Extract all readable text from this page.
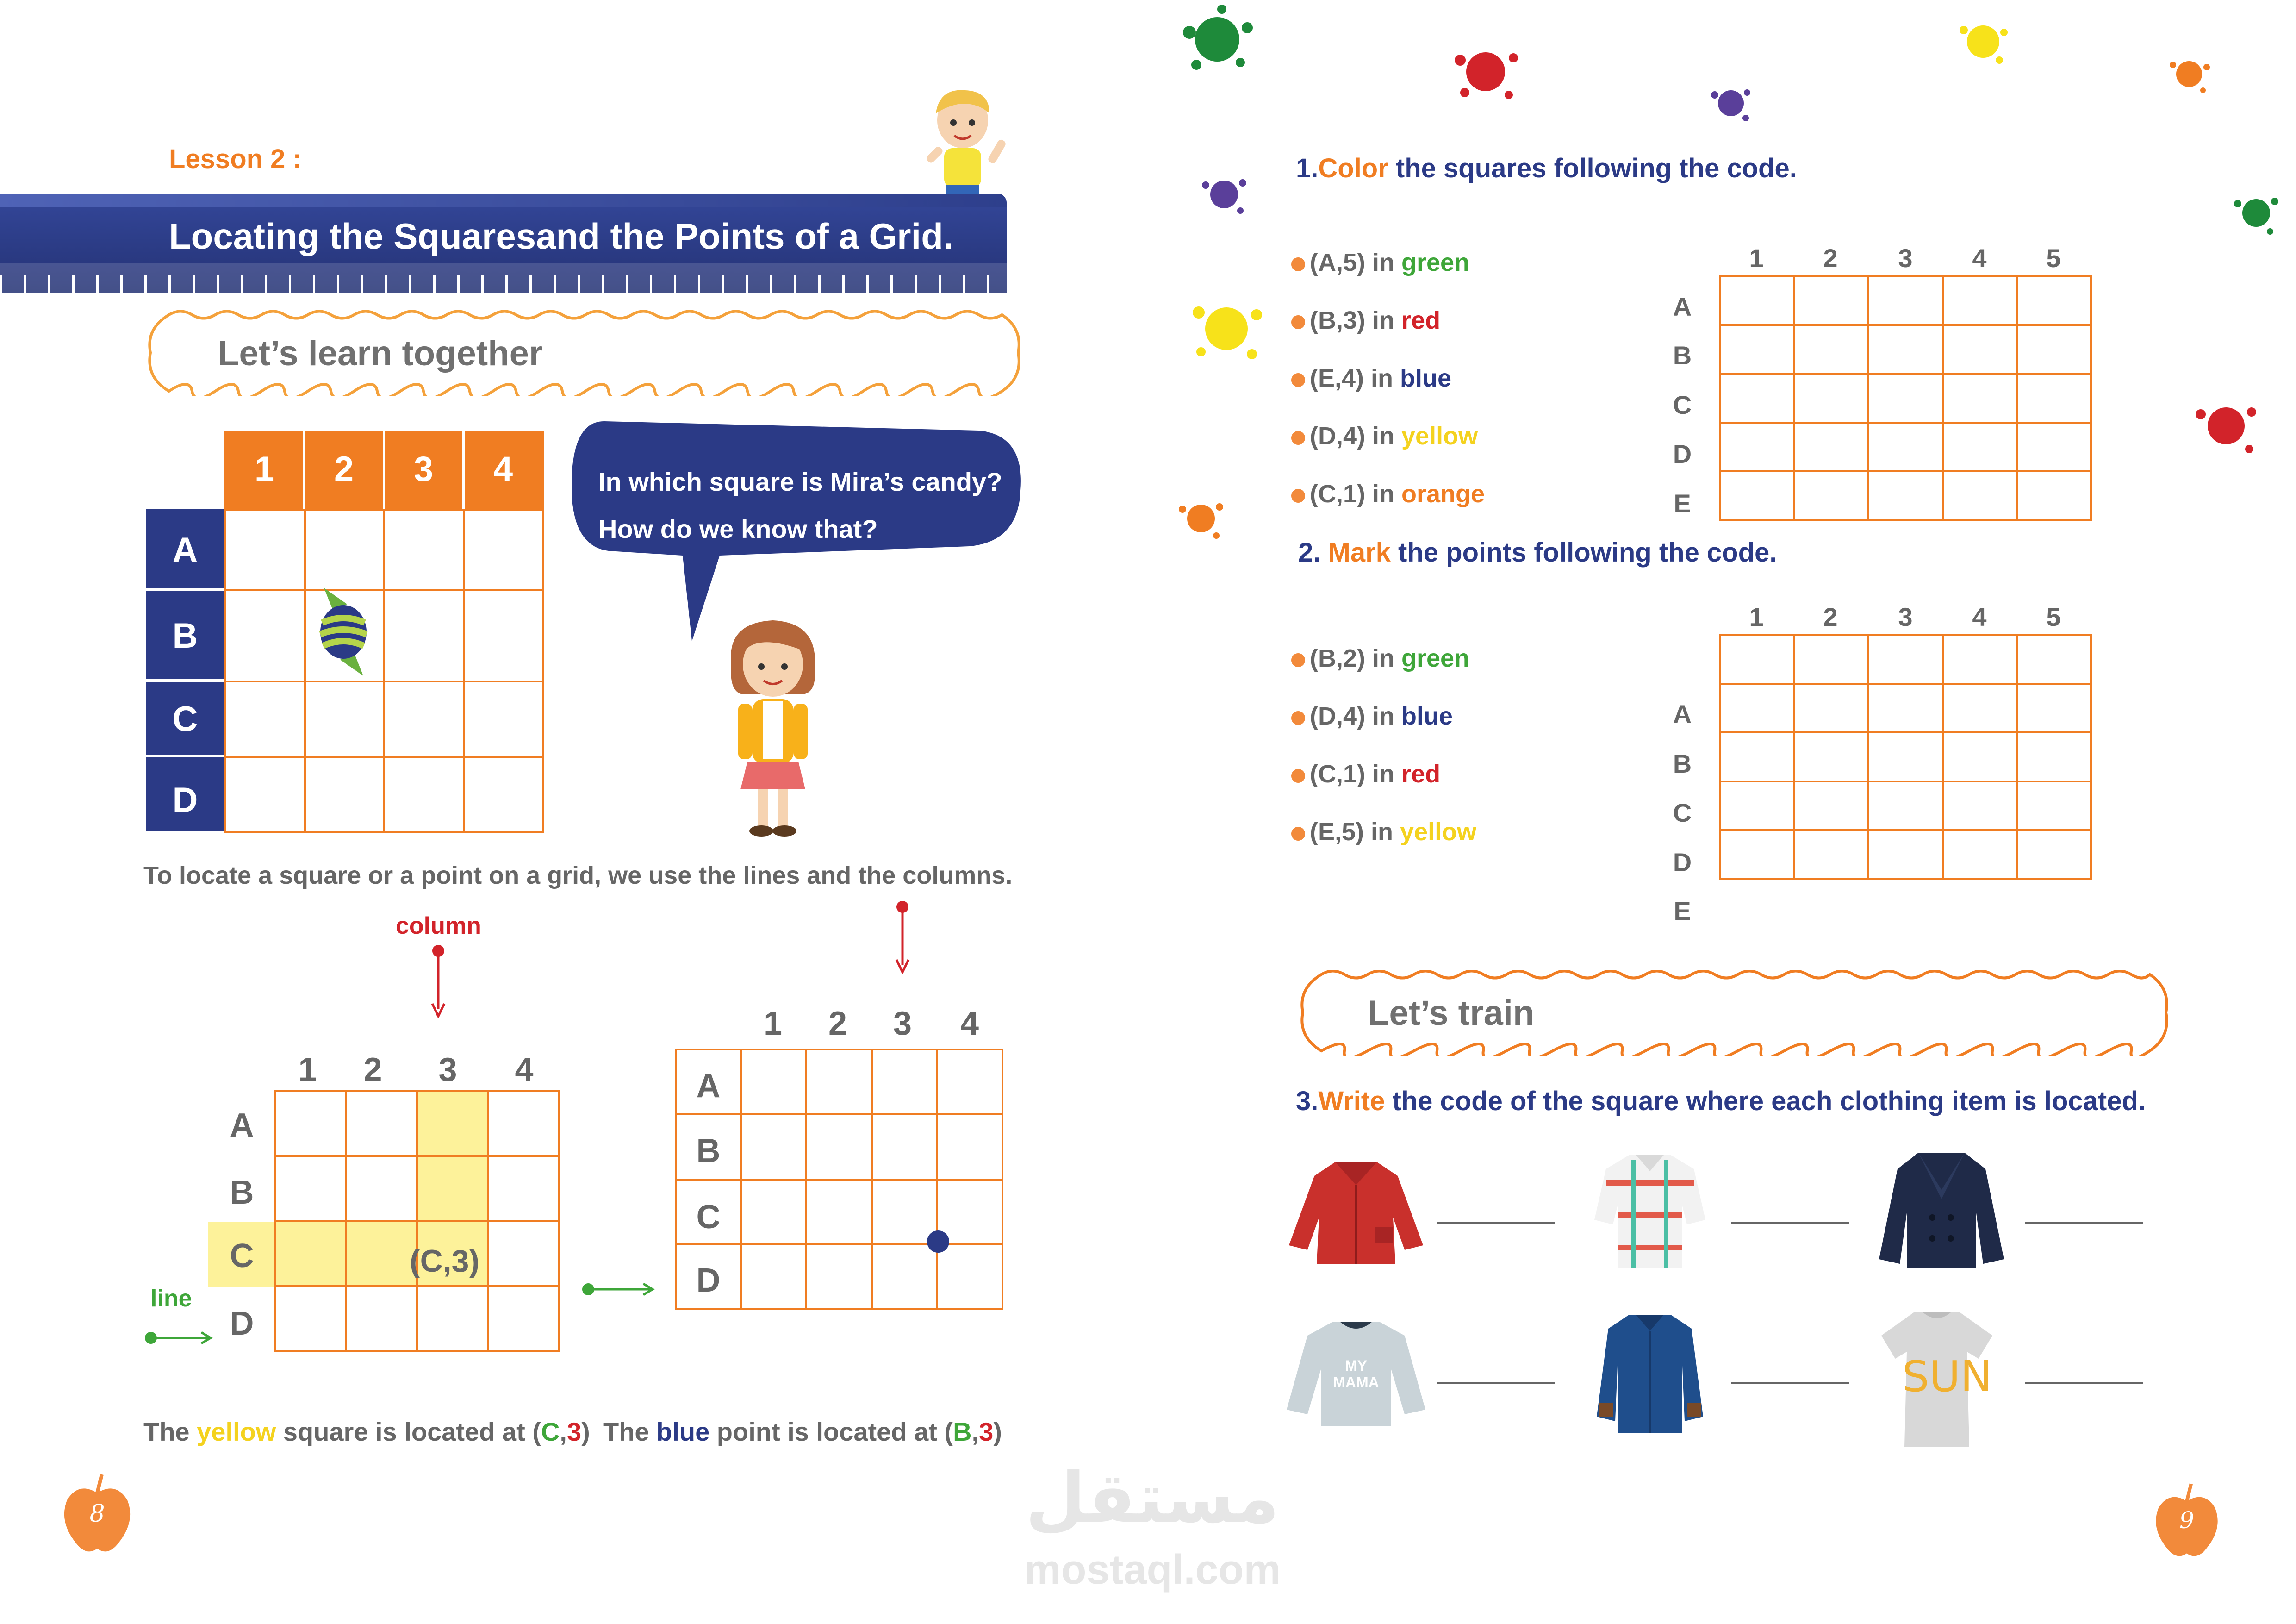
Lesson 2 :
Locating the Squaresand the Points of a Grid.
Let’s learn together
1	2	3	4
A
B
C
D

In which square is Mira’s candy?
How do we know that?
To locate a square or a point on a grid, we use the lines and the columns.
column
1	2	3	4
A
B
C
D

(C,3)
line
1	2	3	4

A
B
C
D
The yellow square is located at (C,3) The blue point is located at (B,3)
8
1.Color the squares following the code.
(A,5) in green
(B,3) in red
(E,4) in blue
(D,4) in yellow
(C,1) in orange
1	2	3	4	5
A
B
C
D
E

2. Mark the points following the code.
(B,2) in green
(D,4) in blue
(C,1) in red
(E,5) in yellow
1	2	3	4	5
A
B
C
D
E

Let’s train
3.Write the code of the square where each clothing item is located.
MY
MAMA	SUN
مستقل
mostaql.com
9
